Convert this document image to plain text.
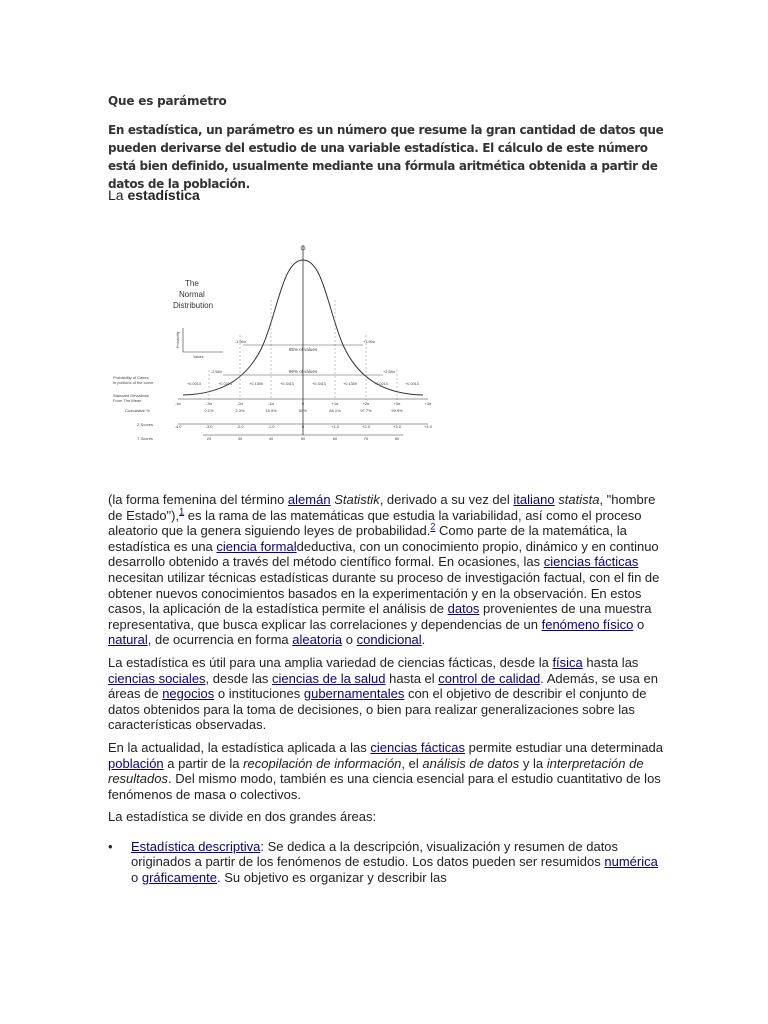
Que es parámetro

En estadística, un parámetro es un número que resume la gran cantidad de datos que pueden derivarse del estudio de una variable estadística. El cálculo de este número está bien definido, usualmente mediante una fórmula aritmética obtenida a partir de datos de la población.

La estadística
95% of values
99% of values
-1.96σ	+1.96σ
-2.58σ	+2.58σ
The
Normal
Distribution
Probability
Values
Probability of Cases
in portions of the curve	+0.0013	+0.0214	+0.1359	+0.3413	+0.3413	+0.1359	+0.0214	+0.0013
Standard Deviations
From The Mean
-4σ	-3σ	-2σ	-1σ	0	+1σ	+2σ	+3σ	+4σ
Cumulative %	0.1%	2.3%	15.9%	50%	84.1%	97.7%	99.9%
Z Scores	-4.0	-3.0	-2.0	-1.0	0	+1.0	+2.0	+3.0	+4.0
T Scores	20	30	40	50	60	70	80

(la forma femenina del término alemán Statistik, derivado a su vez del italiano statista, "hombre de Estado"),$^1$ es la rama de las matemáticas que estudia la variabilidad, así como el proceso aleatorio que la genera siguiendo leyes de probabilidad.$^2$ Como parte de la matemática, la estadística es una ciencia formaldeductiva, con un conocimiento propio, dinámico y en continuo desarrollo obtenido a través del método científico formal. En ocasiones, las ciencias fácticas necesitan utilizar técnicas estadísticas durante su proceso de investigación factual, con el fin de obtener nuevos conocimientos basados en la experimentación y en la observación. En estos casos, la aplicación de la estadística permite el análisis de datos provenientes de una muestra representativa, que busca explicar las correlaciones y dependencias de un fenómeno físico o natural, de ocurrencia en forma aleatoria o condicional.

La estadística es útil para una amplia variedad de ciencias fácticas, desde la física hasta las ciencias sociales, desde las ciencias de la salud hasta el control de calidad. Además, se usa en áreas de negocios o instituciones gubernamentales con el objetivo de describir el conjunto de datos obtenidos para la toma de decisiones, o bien para realizar generalizaciones sobre las características observadas.

En la actualidad, la estadística aplicada a las ciencias fácticas permite estudiar una determinada población a partir de la recopilación de información, el análisis de datos y la interpretación de resultados. Del mismo modo, también es una ciencia esencial para el estudio cuantitativo de los fenómenos de masa o colectivos.

La estadística se divide en dos grandes áreas:

• Estadística descriptiva: Se dedica a la descripción, visualización y resumen de datos originados a partir de los fenómenos de estudio. Los datos pueden ser resumidos numérica o gráficamente. Su objetivo es organizar y describir las
